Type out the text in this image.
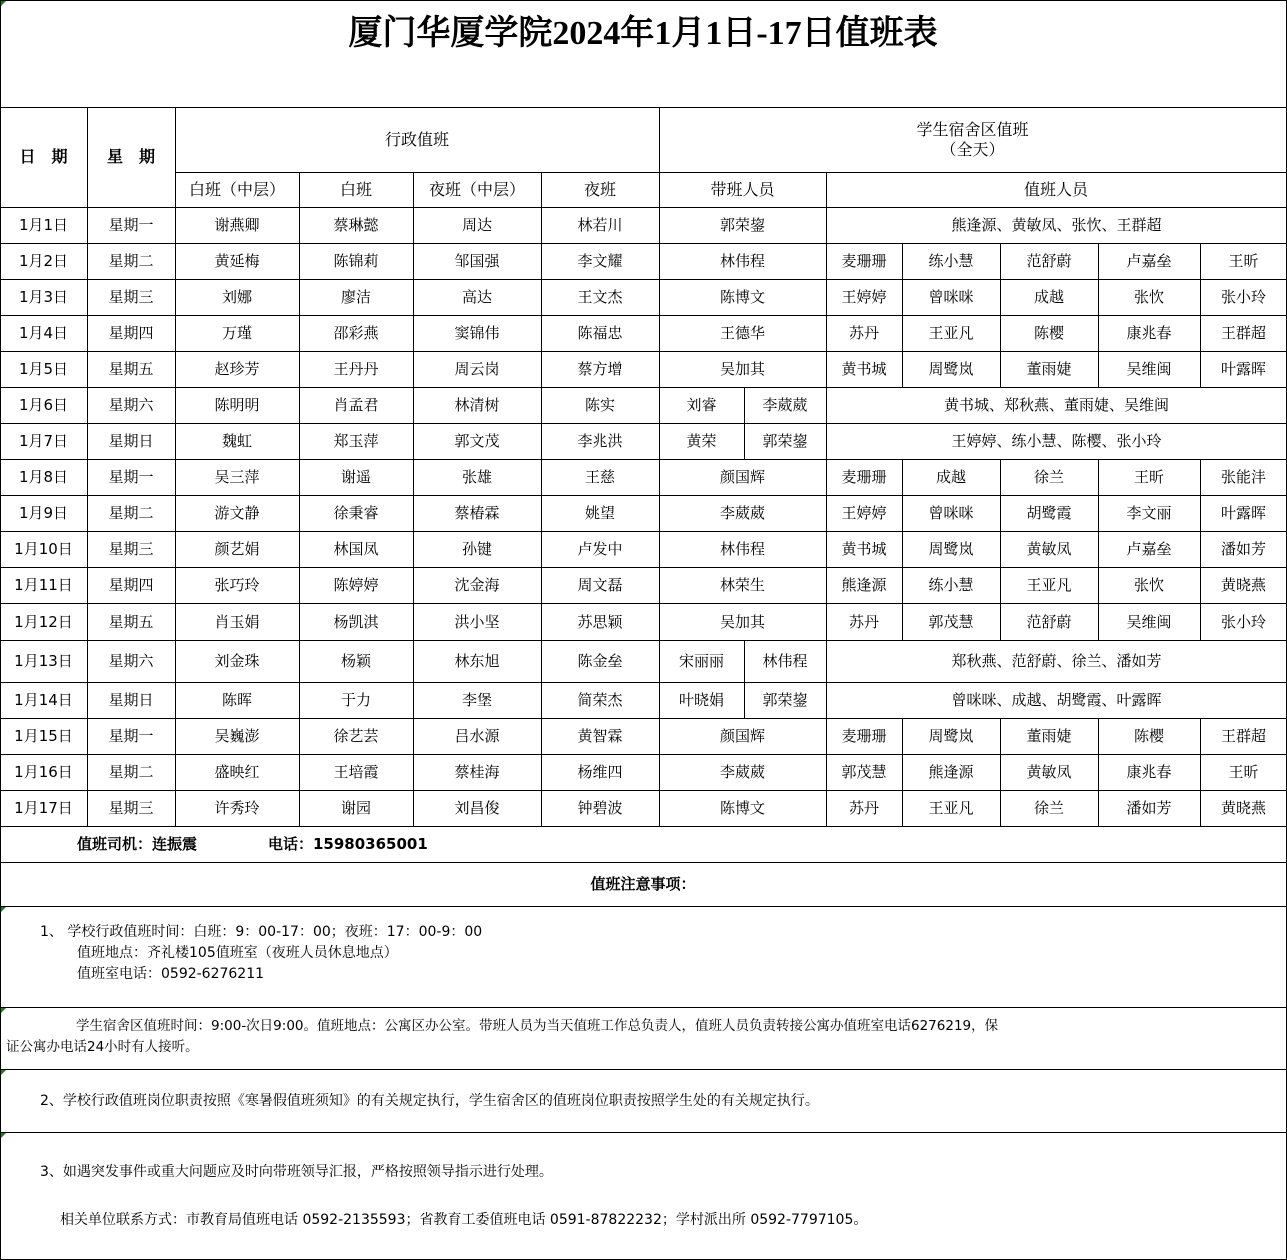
厦门华厦学院2024年1月1日-17日值班表
日　期	星　期
行政值班
学生宿舍区值班
（全天）
白班（中层）	白班	夜班（中层）	夜班	带班人员	值班人员
1月1日	星期一	谢燕卿	蔡琳懿	周达	林若川	郭荣鋆	熊逢源、黄敏凤、张忺、王群超
1月2日	星期二	黄延梅	陈锦莉	邹国强	李文耀	林伟程	麦珊珊	练小慧	范舒蔚	卢嘉垒	王昕
1月3日	星期三	刘娜	廖洁	高达	王文杰	陈博文	王婷婷	曾咪咪	成越	张忺	张小玲
1月4日	星期四	万瑾	邵彩燕	窦锦伟	陈福忠	王德华	苏丹	王亚凡	陈樱	康兆春	王群超
1月5日	星期五	赵珍芳	王丹丹	周云岗	蔡方增	吴加其	黄书城	周鹭岚	董雨婕	吴维闽	叶露晖
1月6日	星期六	陈明明	肖孟君	林清树	陈实	刘睿	李葳葳	黄书城、郑秋燕、董雨婕、吴维闽
1月7日	星期日	魏虹	郑玉萍	郭文茂	李兆洪	黄荣	郭荣鋆	王婷婷、练小慧、陈樱、张小玲
1月8日	星期一	吴三萍	谢遥	张雄	王慈	颜国辉	麦珊珊	成越	徐兰	王昕	张能沣
1月9日	星期二	游文静	徐秉睿	蔡椿霖	姚望	李葳葳	王婷婷	曾咪咪	胡鹭霞	李文丽	叶露晖
1月10日	星期三	颜艺娟	林国凤	孙键	卢发中	林伟程	黄书城	周鹭岚	黄敏凤	卢嘉垒	潘如芳
1月11日	星期四	张巧玲	陈婷婷	沈金海	周文磊	林荣生	熊逢源	练小慧	王亚凡	张忺	黄晓燕
1月12日	星期五	肖玉娟	杨凯淇	洪小坚	苏思颖	吴加其	苏丹	郭茂慧	范舒蔚	吴维闽	张小玲
1月13日	星期六	刘金珠	杨颖	林东旭	陈金垒	宋丽丽	林伟程	郑秋燕、范舒蔚、徐兰、潘如芳
1月14日	星期日	陈晖	于力	李堡	简荣杰	叶晓娟	郭荣鋆	曾咪咪、成越、胡鹭霞、叶露晖
1月15日	星期一	吴巍澎	徐艺芸	吕水源	黄智霖	颜国辉	麦珊珊	周鹭岚	董雨婕	陈樱	王群超
1月16日	星期二	盛映红	王培霞	蔡桂海	杨维四	李葳葳	郭茂慧	熊逢源	黄敏凤	康兆春	王昕
1月17日	星期三	许秀玲	谢园	刘昌俊	钟碧波	陈博文	苏丹	王亚凡	徐兰	潘如芳	黄晓燕
值班司机：连振震	电话：15980365001
值班注意事项：
1、 学校行政值班时间：白班：9：00-17：00；夜班：17：00-9：00
值班地点：齐礼楼105值班室（夜班人员休息地点）
值班室电话：0592-6276211
学生宿舍区值班时间：9:00-次日9:00。值班地点：公寓区办公室。带班人员为当天值班工作总负责人，值班人员负责转接公寓办值班室电话6276219，保
证公寓办电话24小时有人接听。
2、学校行政值班岗位职责按照《寒暑假值班须知》的有关规定执行，学生宿舍区的值班岗位职责按照学生处的有关规定执行。
3、如遇突发事件或重大问题应及时向带班领导汇报，严格按照领导指示进行处理。
相关单位联系方式：市教育局值班电话 0592-2135593；省教育工委值班电话 0591-87822232；学村派出所 0592-7797105。
